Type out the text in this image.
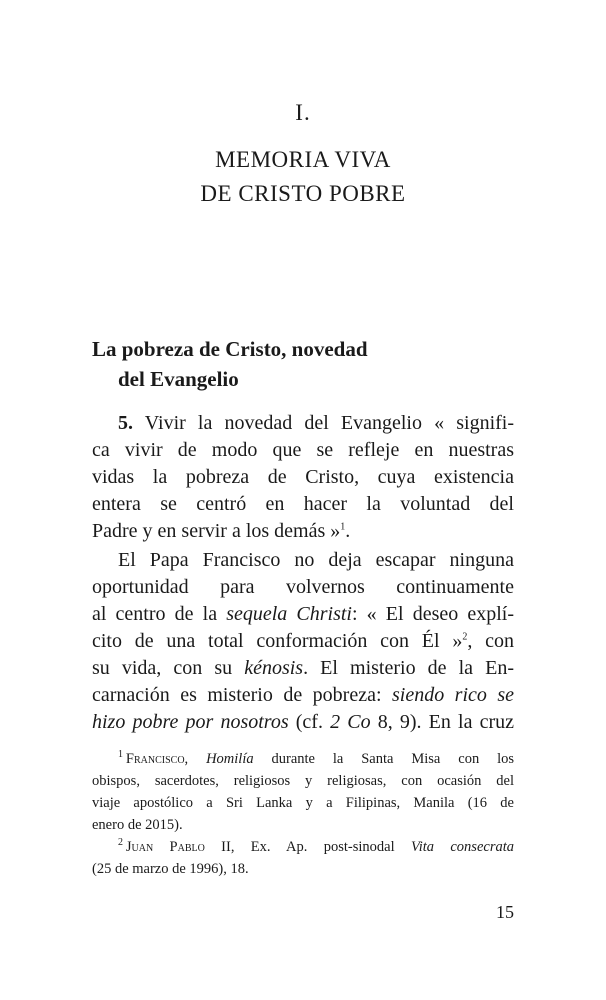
I.
MEMORIA VIVA
DE CRISTO POBRE
La pobreza de Cristo, novedad
del Evangelio
5. Vivir la novedad del Evangelio « signifi-
ca vivir de modo que se refleje en nuestras
vidas la pobreza de Cristo, cuya existencia
entera se centró en hacer la voluntad del
Padre y en servir a los demás »$^1$.
El Papa Francisco no deja escapar ninguna
oportunidad para volvernos continuamente
al centro de la sequela Christi: « El deseo explí-
cito de una total conformación con Él »$^2$, con
su vida, con su kénosis. El misterio de la En-
carnación es misterio de pobreza: siendo rico se
hizo pobre por nosotros (cf. 2 Co 8, 9). En la cruz
$^1$  Francisco, Homilía durante la Santa Misa con los
obispos, sacerdotes, religiosos y religiosas, con ocasión del
viaje apostólico a Sri Lanka y a Filipinas, Manila (16 de
enero de 2015).
$^2$  Juan Pablo II, Ex. Ap. post-sinodal Vita consecrata
(25 de marzo de 1996), 18.
15
